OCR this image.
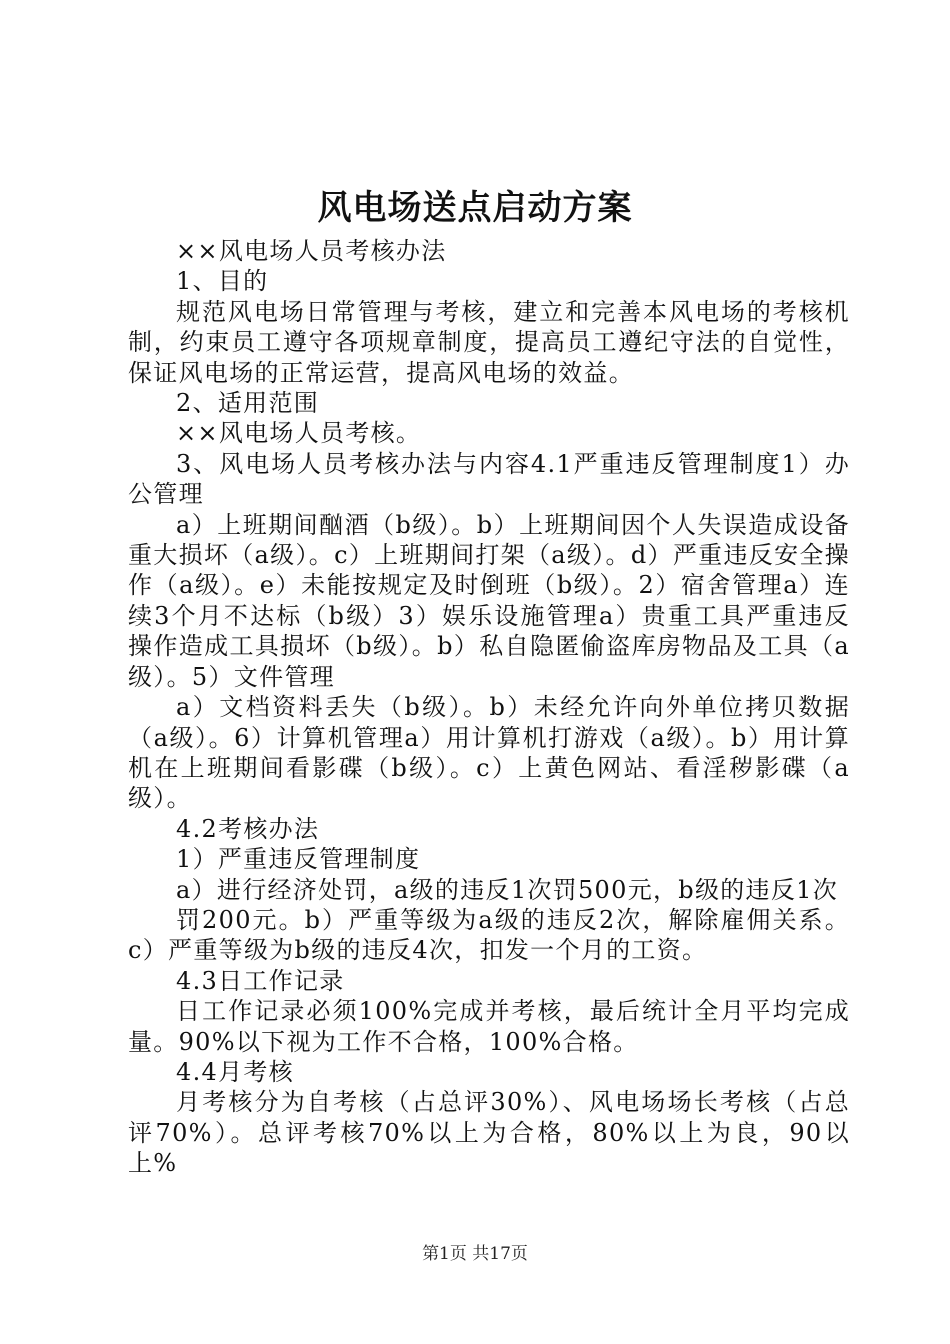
风电场送点启动方案

××风电场人员考核办法

1、目的

规范风电场日常管理与考核，建立和完善本风电场的考核机制，约束员工遵守各项规章制度，提高员工遵纪守法的自觉性，保证风电场的正常运营，提高风电场的效益。

2、适用范围

××风电场人员考核。

3、风电场人员考核办法与内容4.1严重违反管理制度1）办公管理

a）上班期间酗酒（b级）。b）上班期间因个人失误造成设备重大损坏（a级）。c）上班期间打架（a级）。d）严重违反安全操作（a级）。e）未能按规定及时倒班（b级）。2）宿舍管理a）连续3个月不达标（b级）3）娱乐设施管理a）贵重工具严重违反操作造成工具损坏（b级）。b）私自隐匿偷盗库房物品及工具（a级）。5）文件管理

a）文档资料丢失（b级）。b）未经允许向外单位拷贝数据（a级）。6）计算机管理a）用计算机打游戏（a级）。b）用计算机在上班期间看影碟（b级）。c）上黄色网站、看淫秽影碟（a级）。

4.2考核办法

1）严重违反管理制度

a）进行经济处罚，a级的违反1次罚500元，b级的违反1次

罚200元。b）严重等级为a级的违反2次，解除雇佣关系。c）严重等级为b级的违反4次，扣发一个月的工资。

4.3日工作记录

日工作记录必须100%完成并考核，最后统计全月平均完成量。90%以下视为工作不合格，100%合格。

4.4月考核

月考核分为自考核（占总评30%）、风电场场长考核（占总评70%）。总评考核70%以上为合格，80%以上为良，90以上%

第1页 共17页
